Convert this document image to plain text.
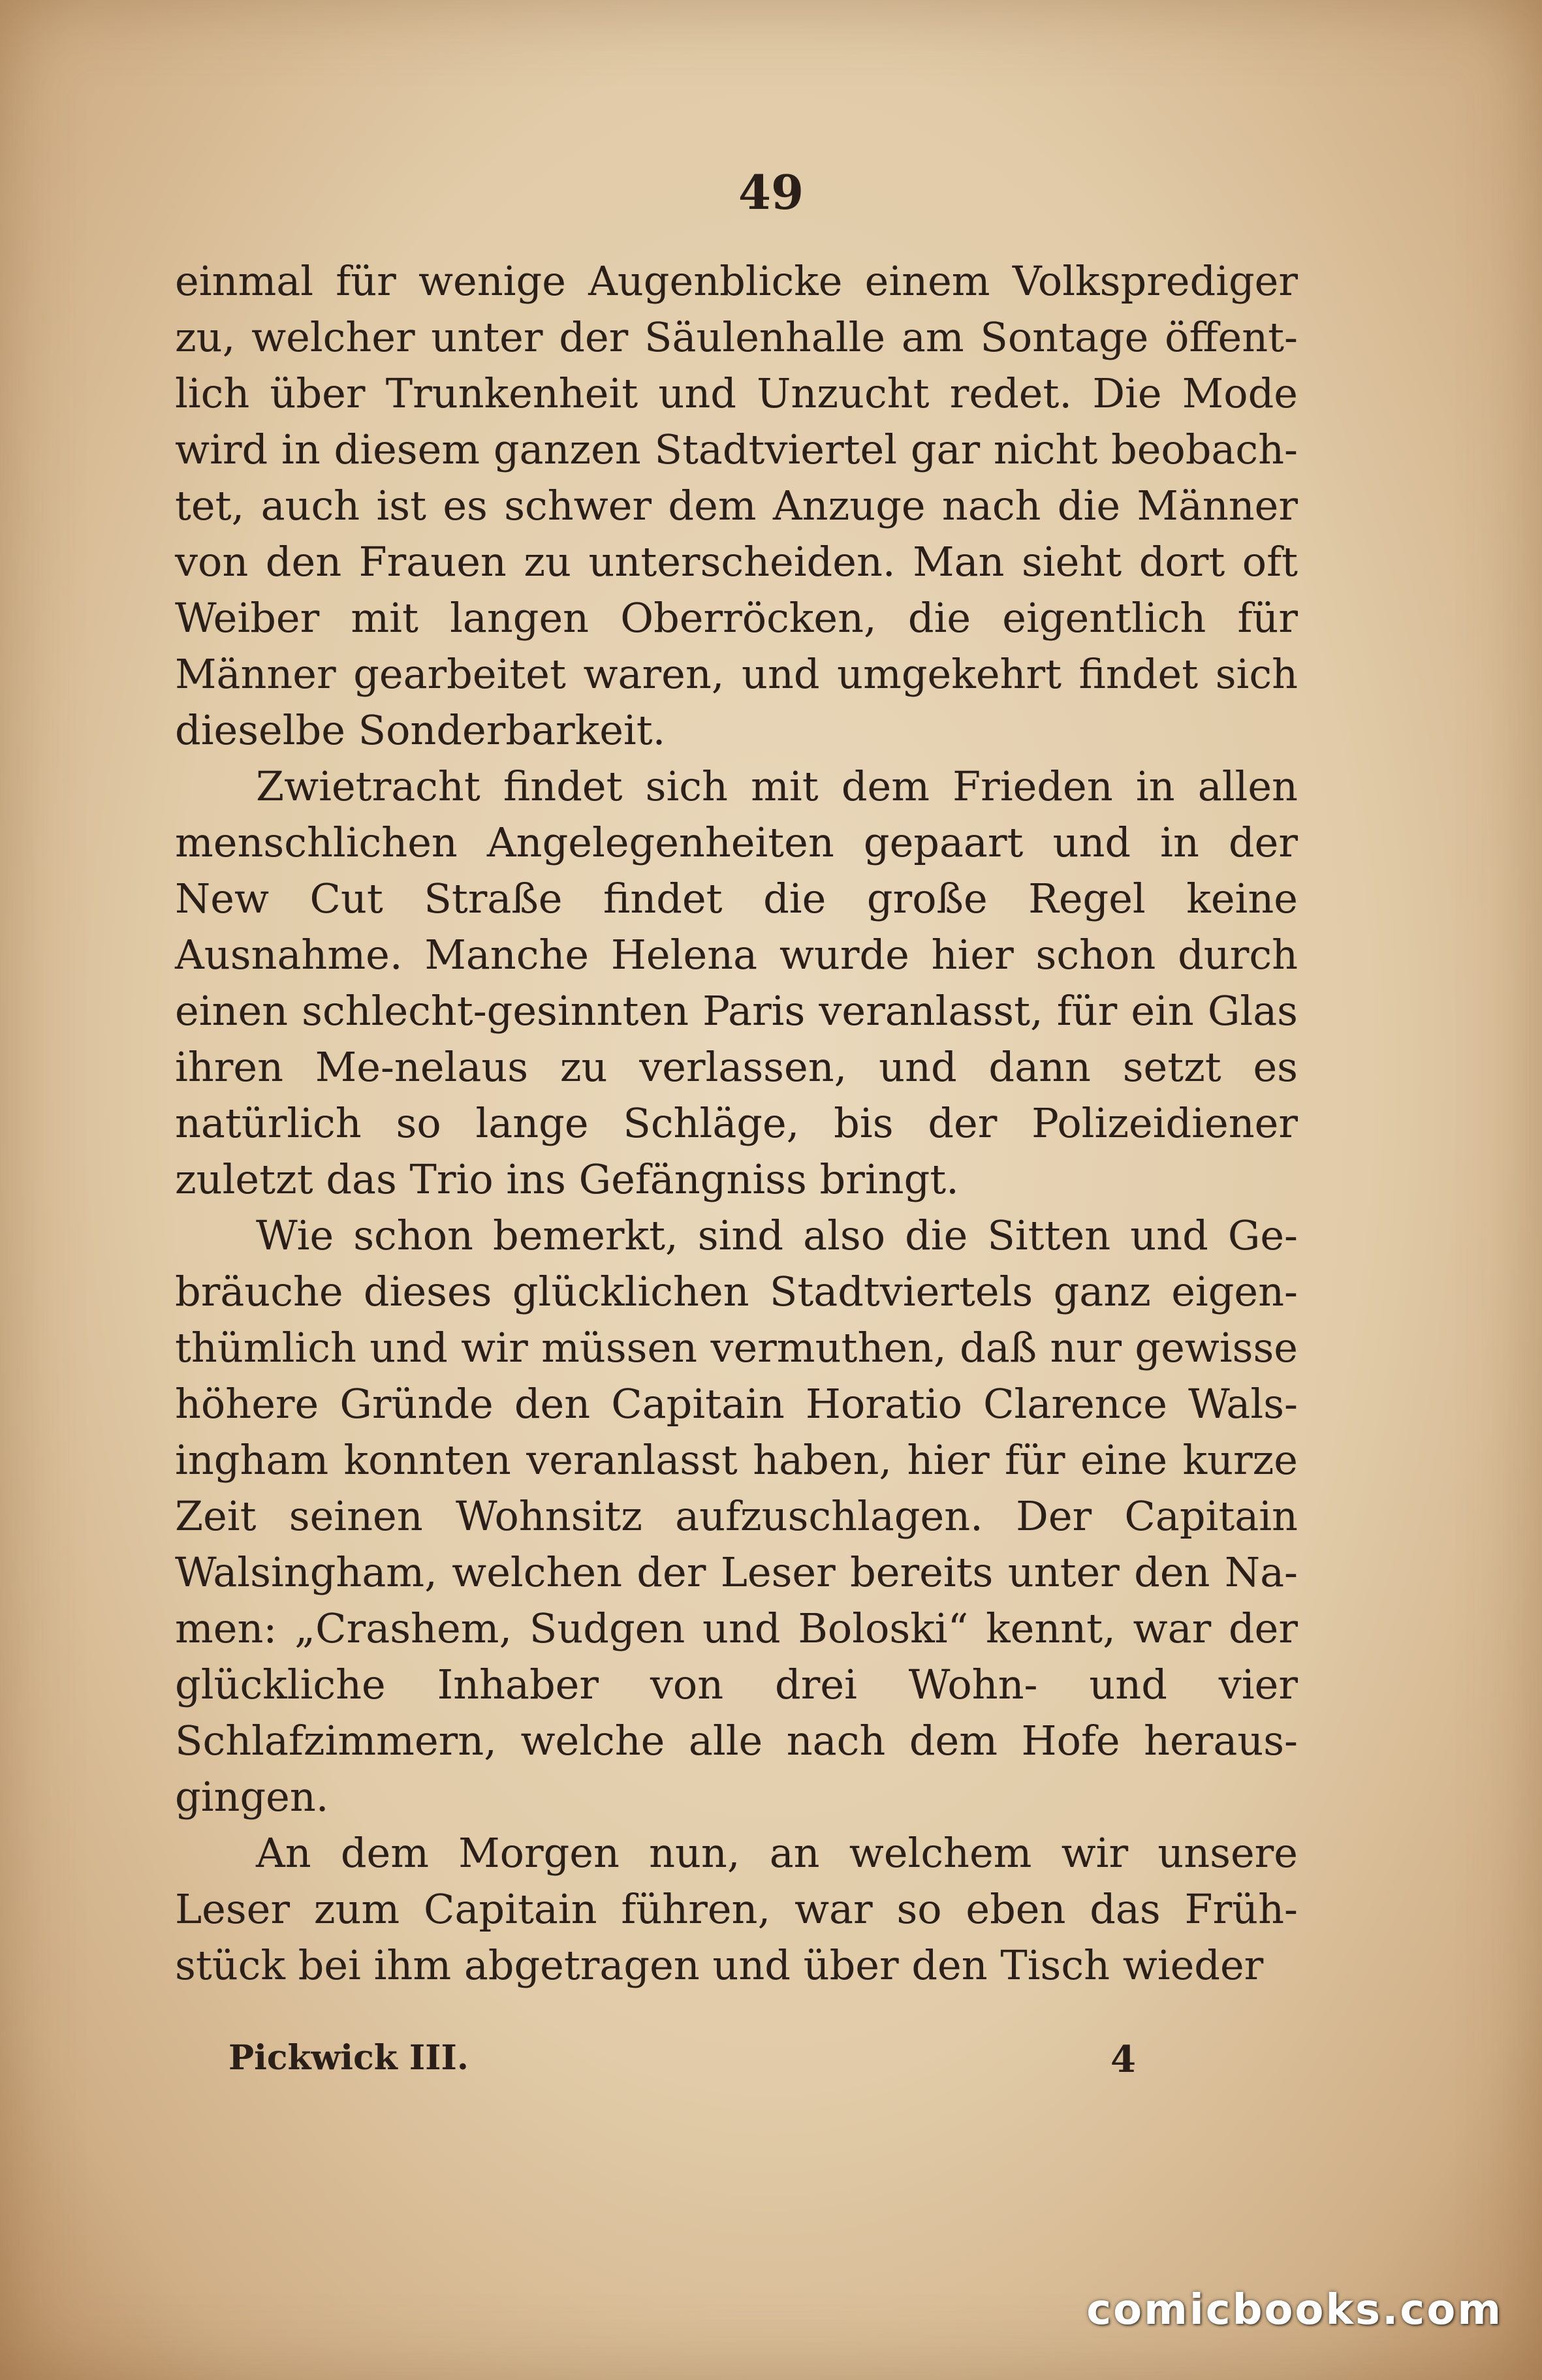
49

einmal für wenige Augenblicke einem Volksprediger zu, welcher unter der Säulenhalle am Sontage öffent-lich über Trunkenheit und Unzucht redet. Die Mode wird in diesem ganzen Stadtviertel gar nicht beobach-tet, auch ist es schwer dem Anzuge nach die Männer von den Frauen zu unterscheiden. Man sieht dort oft Weiber mit langen Oberröcken, die eigentlich für Männer gearbeitet waren, und umgekehrt findet sich dieselbe Sonderbarkeit.

Zwietracht findet sich mit dem Frieden in allen menschlichen Angelegenheiten gepaart und in der New Cut Straße findet die große Regel keine Ausnahme. Manche Helena wurde hier schon durch einen schlecht-gesinnten Paris veranlasst, für ein Glas ihren Me-nelaus zu verlassen, und dann setzt es natürlich so lange Schläge, bis der Polizeidiener zuletzt das Trio ins Gefängniss bringt.

Wie schon bemerkt, sind also die Sitten und Ge-bräuche dieses glücklichen Stadtviertels ganz eigen-thümlich und wir müssen vermuthen, daß nur gewisse höhere Gründe den Capitain Horatio Clarence Wals-ingham konnten veranlasst haben, hier für eine kurze Zeit seinen Wohnsitz aufzuschlagen. Der Capitain Walsingham, welchen der Leser bereits unter den Na-men: „Crashem, Sudgen und Boloski“ kennt, war der glückliche Inhaber von drei Wohn- und vier Schlafzimmern, welche alle nach dem Hofe heraus-gingen.

An dem Morgen nun, an welchem wir unsere Leser zum Capitain führen, war so eben das Früh-stück bei ihm abgetragen und über den Tisch wieder

Pickwick III.	4
comicbooks.com
